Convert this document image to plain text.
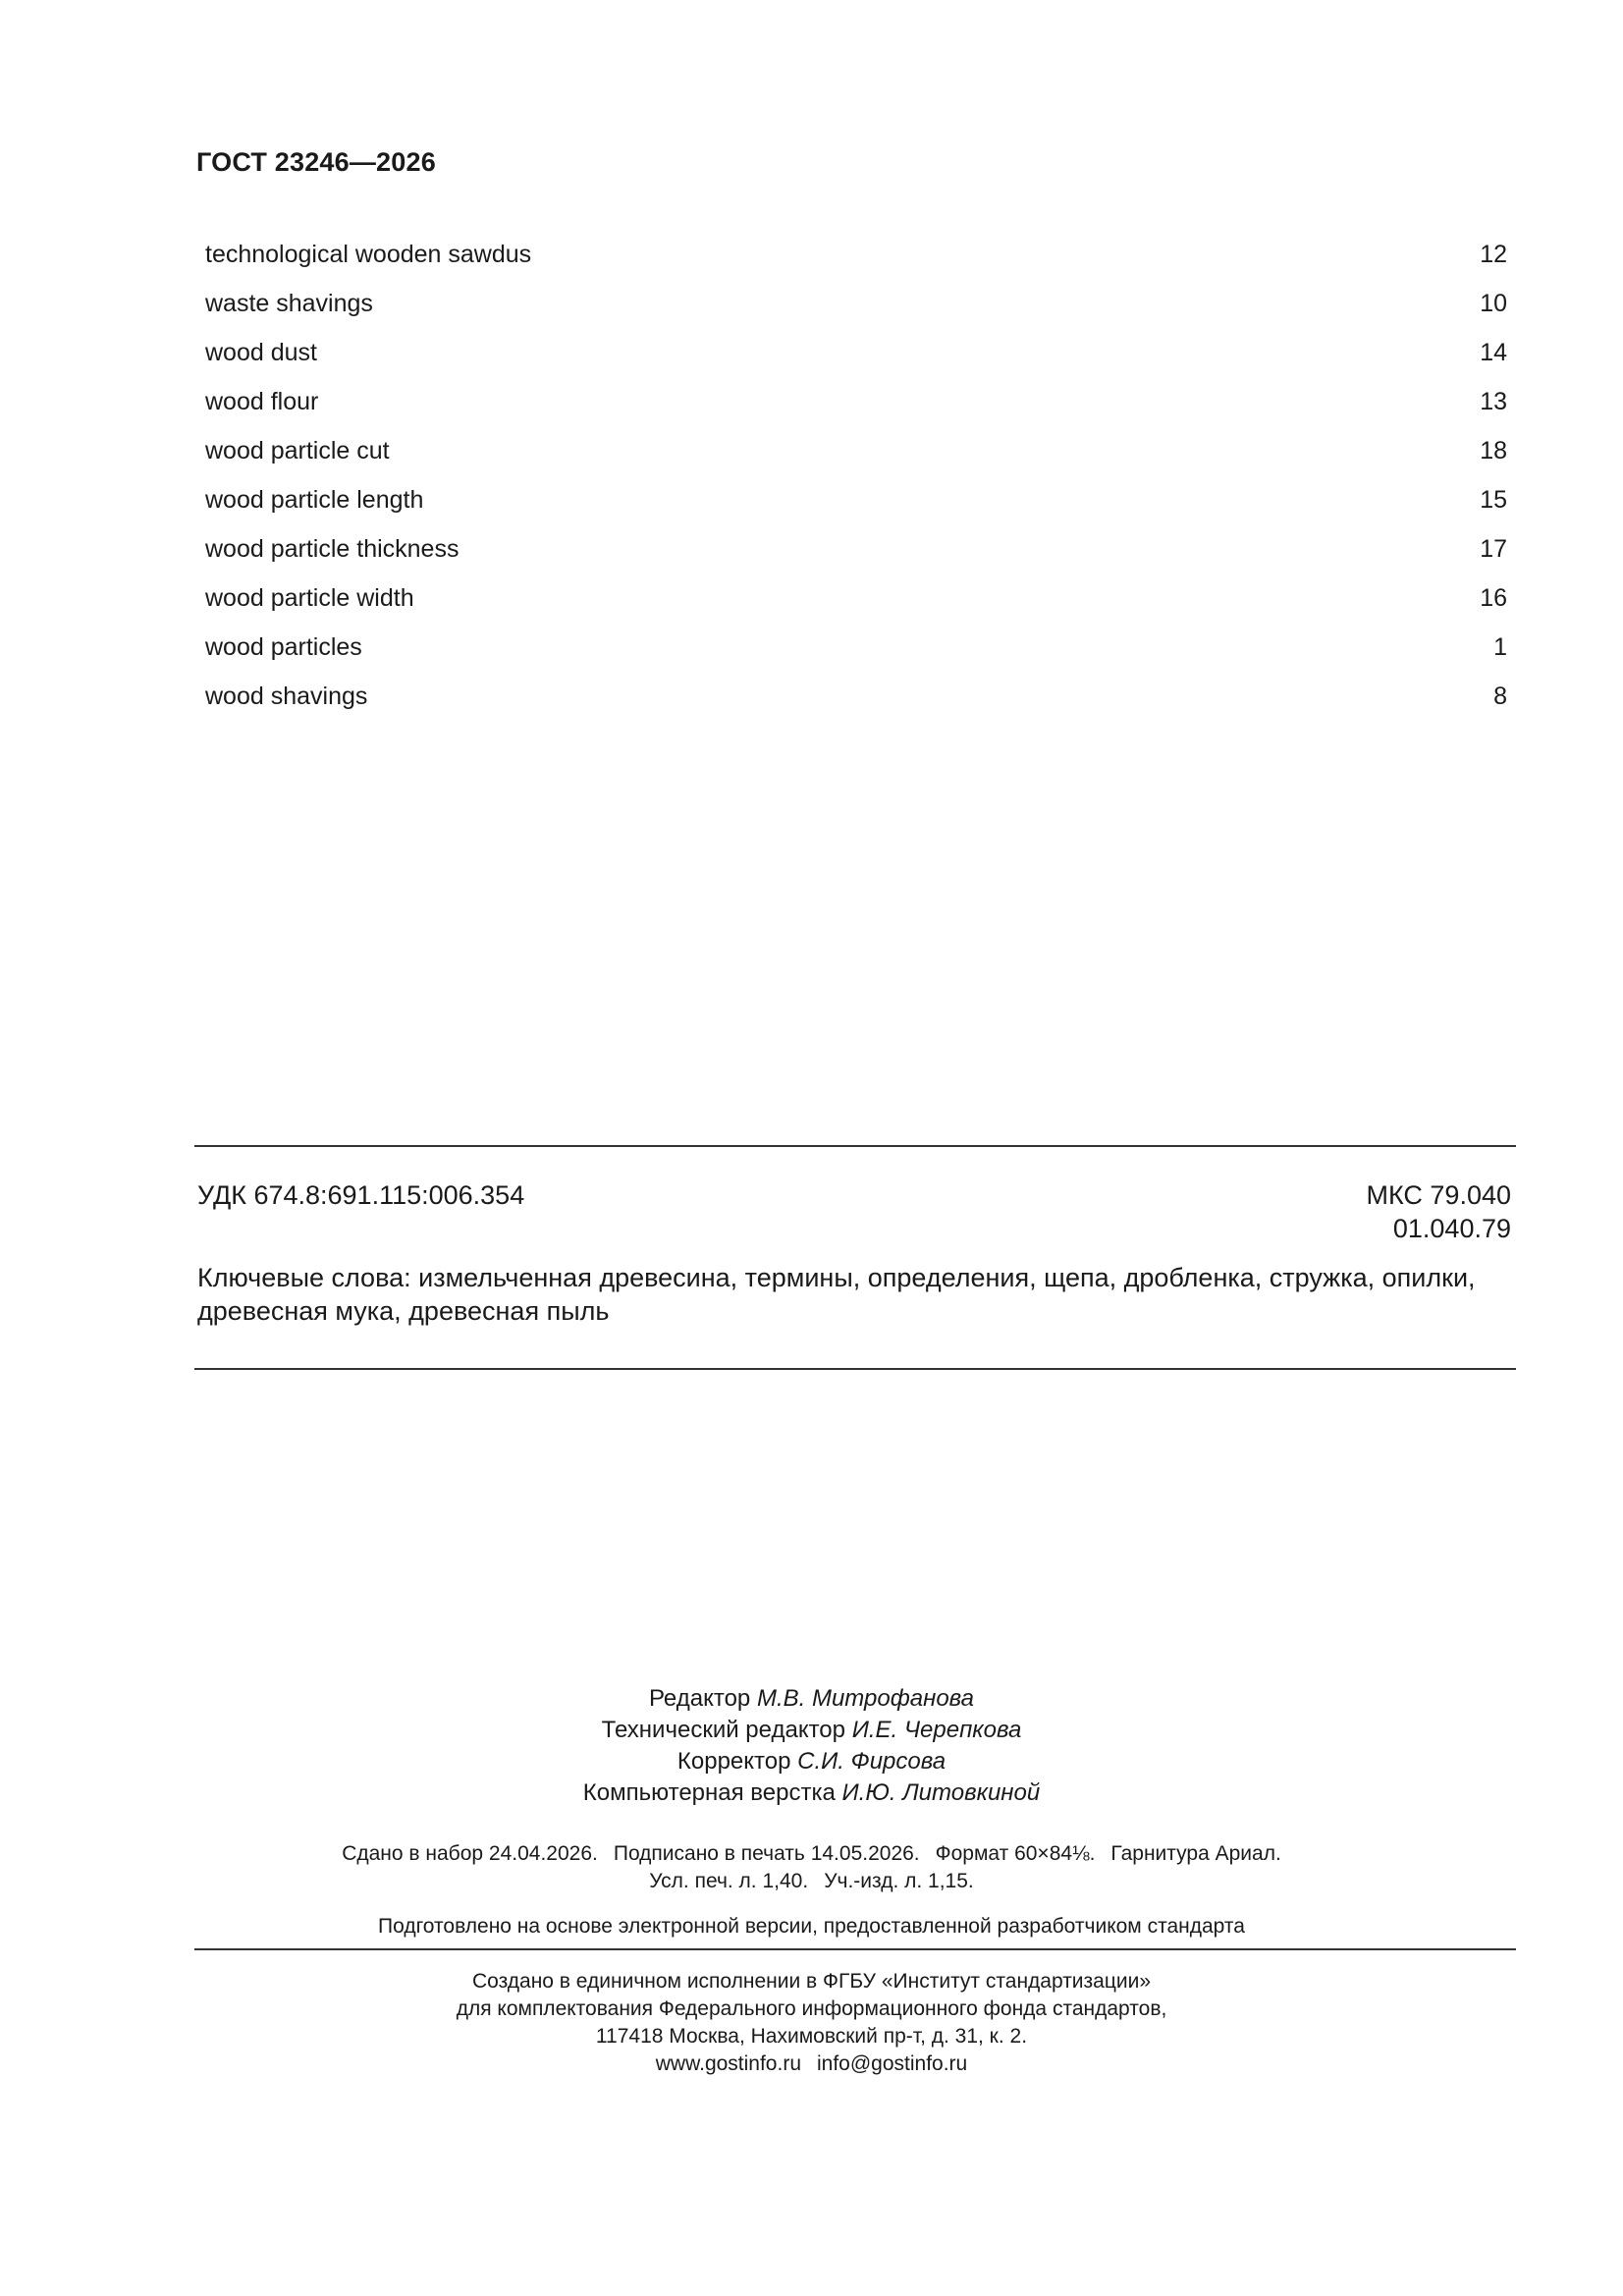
ГОСТ 23246—2026
technological wooden sawdus	12
waste shavings	10
wood dust	14
wood flour	13
wood particle cut	18
wood particle length	15
wood particle thickness	17
wood particle width	16
wood particles	1
wood shavings	8
УДК 674.8:691.115:006.354	МКС 79.040
01.040.79
Ключевые слова: измельченная древесина, термины, определения, щепа, дробленка, стружка, опилки,
древесная мука, древесная пыль
Редактор М.В. Митрофанова
Технический редактор И.Е. Черепкова
Корректор С.И. Фирсова
Компьютерная верстка И.Ю. Литовкиной
Сдано в набор 24.04.2026. Подписано в печать 14.05.2026. Формат 60×84⅛. Гарнитура Ариал.
Усл. печ. л. 1,40. Уч.-изд. л. 1,15.
Подготовлено на основе электронной версии, предоставленной разработчиком стандарта
Создано в единичном исполнении в ФГБУ «Институт стандартизации»
для комплектования Федерального информационного фонда стандартов,
117418 Москва, Нахимовский пр-т, д. 31, к. 2.
www.gostinfo.ru info@gostinfo.ru
